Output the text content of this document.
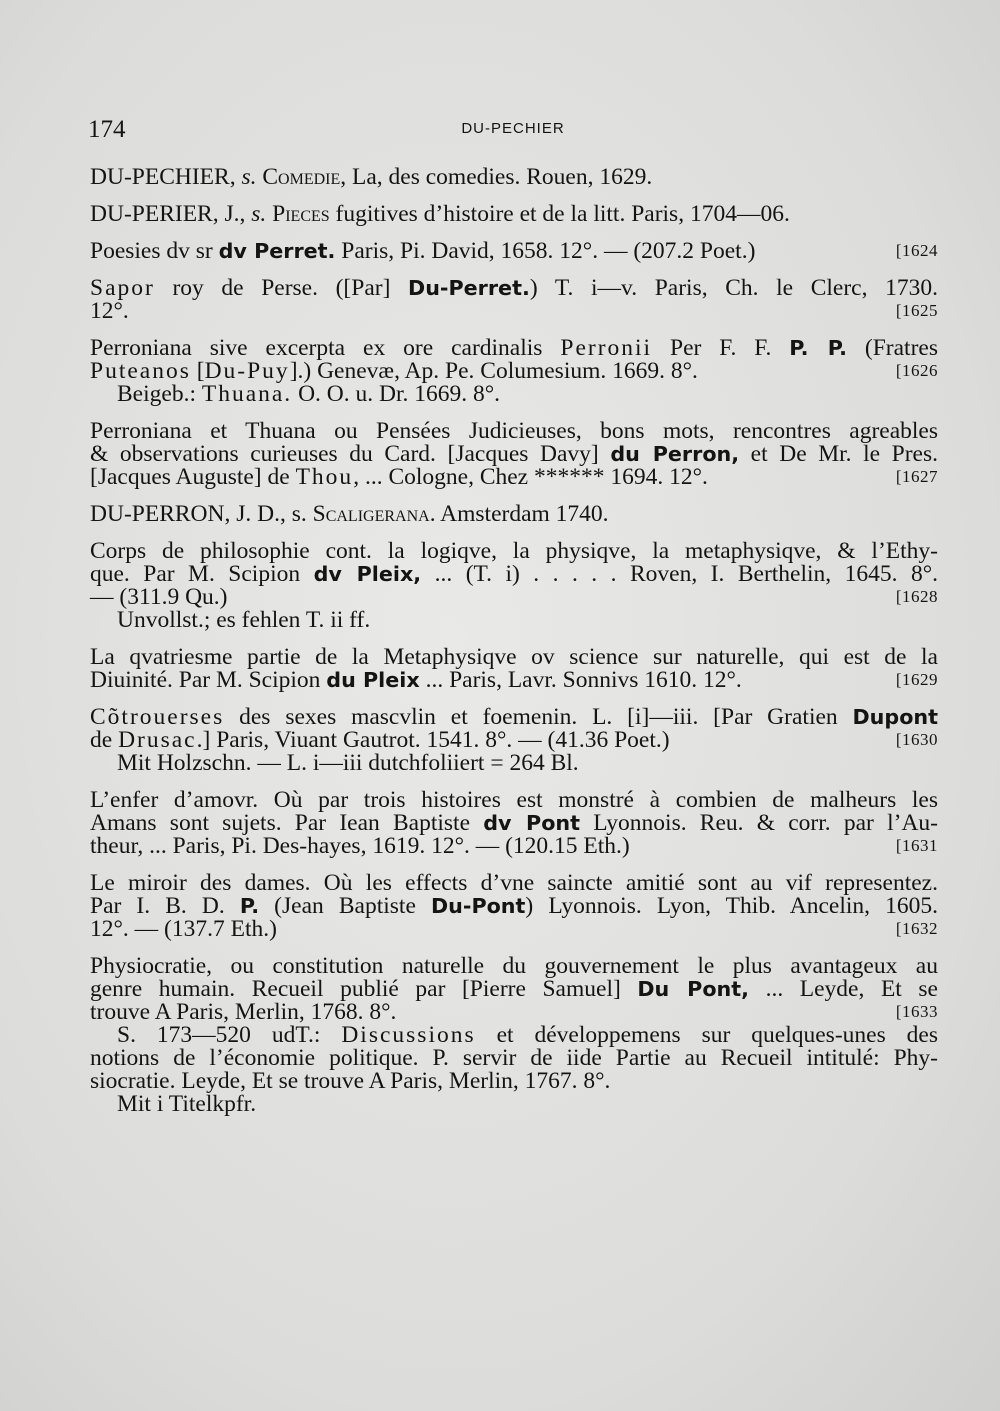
174	DU-PECHIER
DU-PECHIER, s. Comedie, La, des comedies. Rouen, 1629.
DU-PERIER, J., s. Pieces fugitives d’histoire et de la litt. Paris, 1704—06.
Poesies dv sr dv Perret. Paris, Pi. David, 1658. 12°. — (207.2 Poet.)	[1624
Sapor roy de Perse. ([Par] Du-Perret.) T. i—v. Paris, Ch. le Clerc, 1730.
12°.	[1625
Perroniana sive excerpta ex ore cardinalis Perronii Per F. F. P. P. (Fratres
Puteanos [Du-Puy].) Genevæ, Ap. Pe. Columesium. 1669. 8°.	[1626
Beigeb.: Thuana. O. O. u. Dr. 1669. 8°.
Perroniana et Thuana ou Pensées Judicieuses, bons mots, rencontres agreables
& observations curieuses du Card. [Jacques Davy] du Perron, et De Mr. le Pres.
[Jacques Auguste] de Thou, ... Cologne, Chez ****** 1694. 12°.	[1627
DU-PERRON, J. D., s. Scaligerana. Amsterdam 1740.
Corps de philosophie cont. la logiqve, la physiqve, la metaphysiqve, & l’Ethy-
que. Par M. Scipion dv Pleix, ... (T. i) . . . . . Roven, I. Berthelin, 1645. 8°.
— (311.9 Qu.)	[1628
Unvollst.; es fehlen T. ii ff.
La qvatriesme partie de la Metaphysiqve ov science sur naturelle, qui est de la
Diuinité. Par M. Scipion du Pleix ... Paris, Lavr. Sonnivs 1610. 12°.	[1629
Cõtrouerses des sexes mascvlin et foemenin. L. [i]—iii. [Par Gratien Dupont
de Drusac.] Paris, Viuant Gautrot. 1541. 8°. — (41.36 Poet.)	[1630
Mit Holzschn. — L. i—iii dutchfoliiert = 264 Bl.
L’enfer d’amovr. Où par trois histoires est monstré à combien de malheurs les
Amans sont sujets. Par Iean Baptiste dv Pont Lyonnois. Reu. & corr. par l’Au-
theur, ... Paris, Pi. Des-hayes, 1619. 12°. — (120.15 Eth.)	[1631
Le miroir des dames. Où les effects d’vne saincte amitié sont au vif representez.
Par I. B. D. P. (Jean Baptiste Du-Pont) Lyonnois. Lyon, Thib. Ancelin, 1605.
12°. — (137.7 Eth.)	[1632
Physiocratie, ou constitution naturelle du gouvernement le plus avantageux au
genre humain. Recueil publié par [Pierre Samuel] Du Pont, ... Leyde, Et se
trouve A Paris, Merlin, 1768. 8°.	[1633
S. 173—520 udT.: Discussions et développemens sur quelques-unes des
notions de l’économie politique. P. servir de iide Partie au Recueil intitulé: Phy-
siocratie. Leyde, Et se trouve A Paris, Merlin, 1767. 8°.
Mit i Titelkpfr.
